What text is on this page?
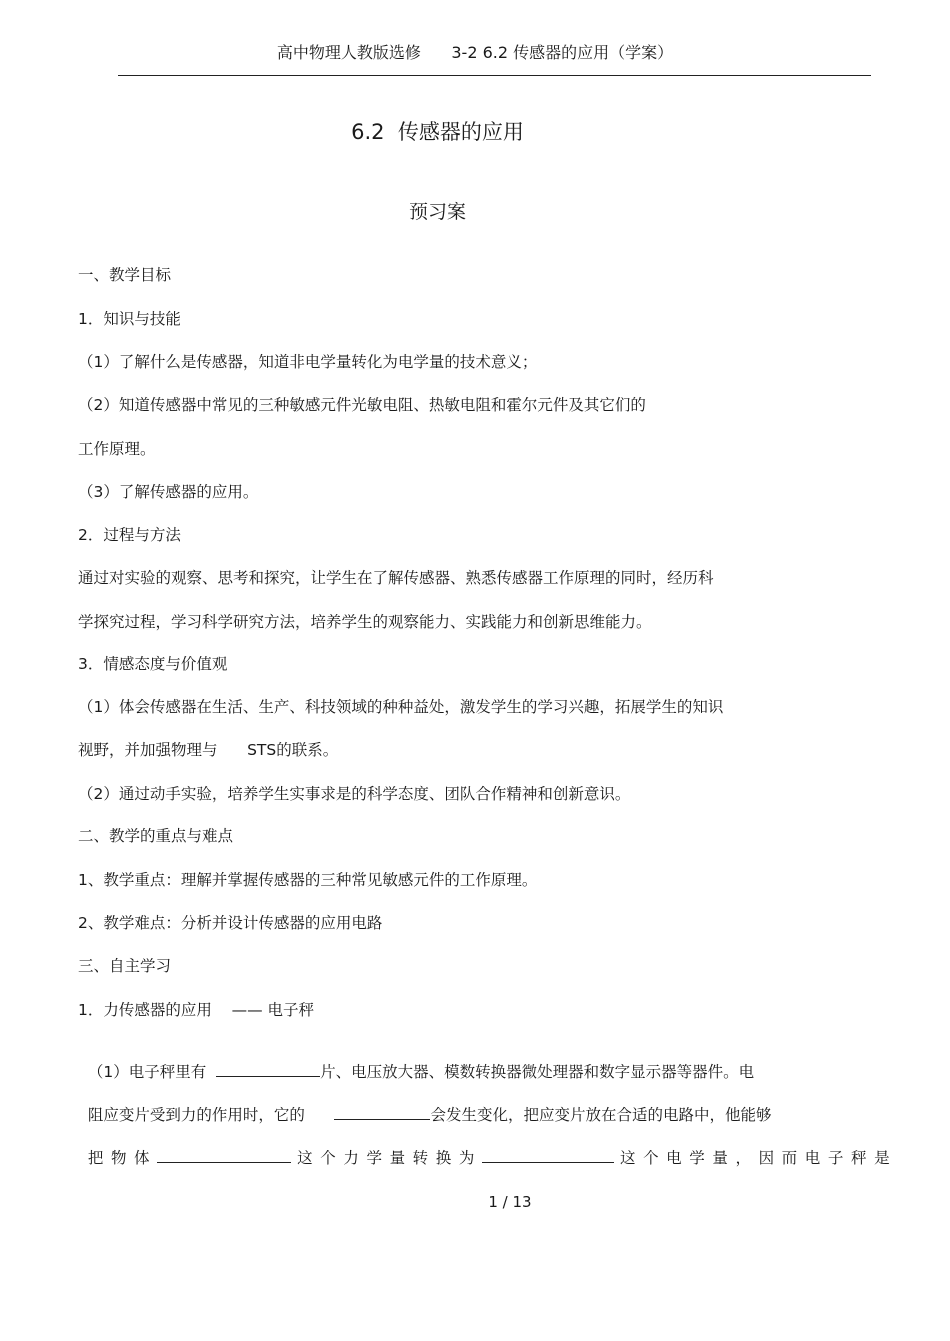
高中物理人教版选修      3-2 6.2 传感器的应用（学案）
6.2  传感器的应用
预习案
一、教学目标
1．知识与技能
（1）了解什么是传感器，知道非电学量转化为电学量的技术意义；
（2）知道传感器中常见的三种敏感元件光敏电阻、热敏电阻和霍尔元件及其它们的
工作原理。
（3）了解传感器的应用。
2．过程与方法
通过对实验的观察、思考和探究，让学生在了解传感器、熟悉传感器工作原理的同时，经历科
学探究过程，学习科学研究方法，培养学生的观察能力、实践能力和创新思维能力。
3．情感态度与价值观
（1）体会传感器在生活、生产、科技领域的种种益处，激发学生的学习兴趣，拓展学生的知识
视野，并加强物理与      STS的联系。
（2）通过动手实验，培养学生实事求是的科学态度、团队合作精神和创新意识。
二、教学的重点与难点
1、教学重点：理解并掌握传感器的三种常见敏感元件的工作原理。
2、教学难点：分析并设计传感器的应用电路
三、自主学习
1．力传感器的应用    —— 电子秤

（1）电子秤里有	片、电压放大器、模数转换器微处理器和数字显示器等器件。电

阻应变片受到力的作用时，它的	会发生变化，把应变片放在合适的电路中，他能够

把物体	这个力学量转换为	这个电学量，因而电子秤是

1 / 13
